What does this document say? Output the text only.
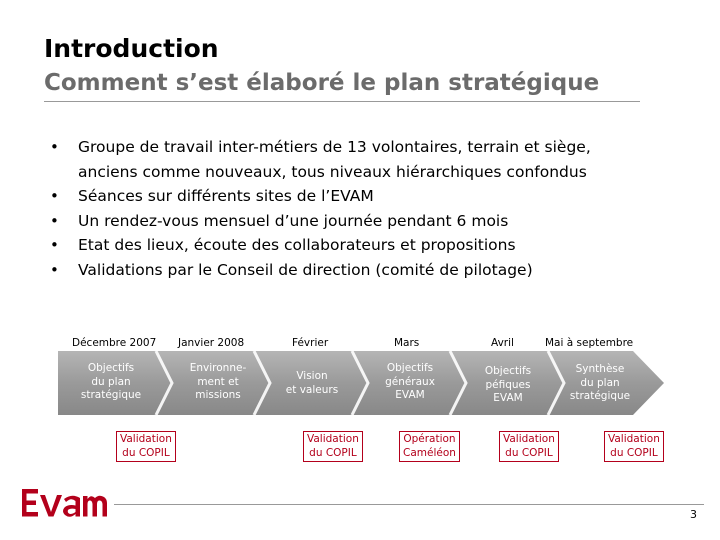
Introduction
Comment s’est élaboré le plan stratégique
• Groupe de travail inter-métiers de 13 volontaires, terrain et siège, anciens comme nouveaux, tous niveaux hiérarchiques confondus
• Séances sur différents sites de l’EVAM
• Un rendez-vous mensuel d’une journée pendant 6 mois
• Etat des lieux, écoute des collaborateurs et propositions
• Validations par le Conseil de direction (comité de pilotage)
Décembre 2007 Janvier 2008	Février	Mars	Avril	Mai à septembre
Objectifs
du plan
stratégique
Environne-
ment et
missions
Vision
et valeurs
Objectifs
généraux
EVAM
Objectifs
péfiques
EVAM
Synthèse
du plan
stratégique
Validation
du COPIL
Validation
du COPIL
Opération
Caméléon
Validation
du COPIL
Validation
du COPIL
3
